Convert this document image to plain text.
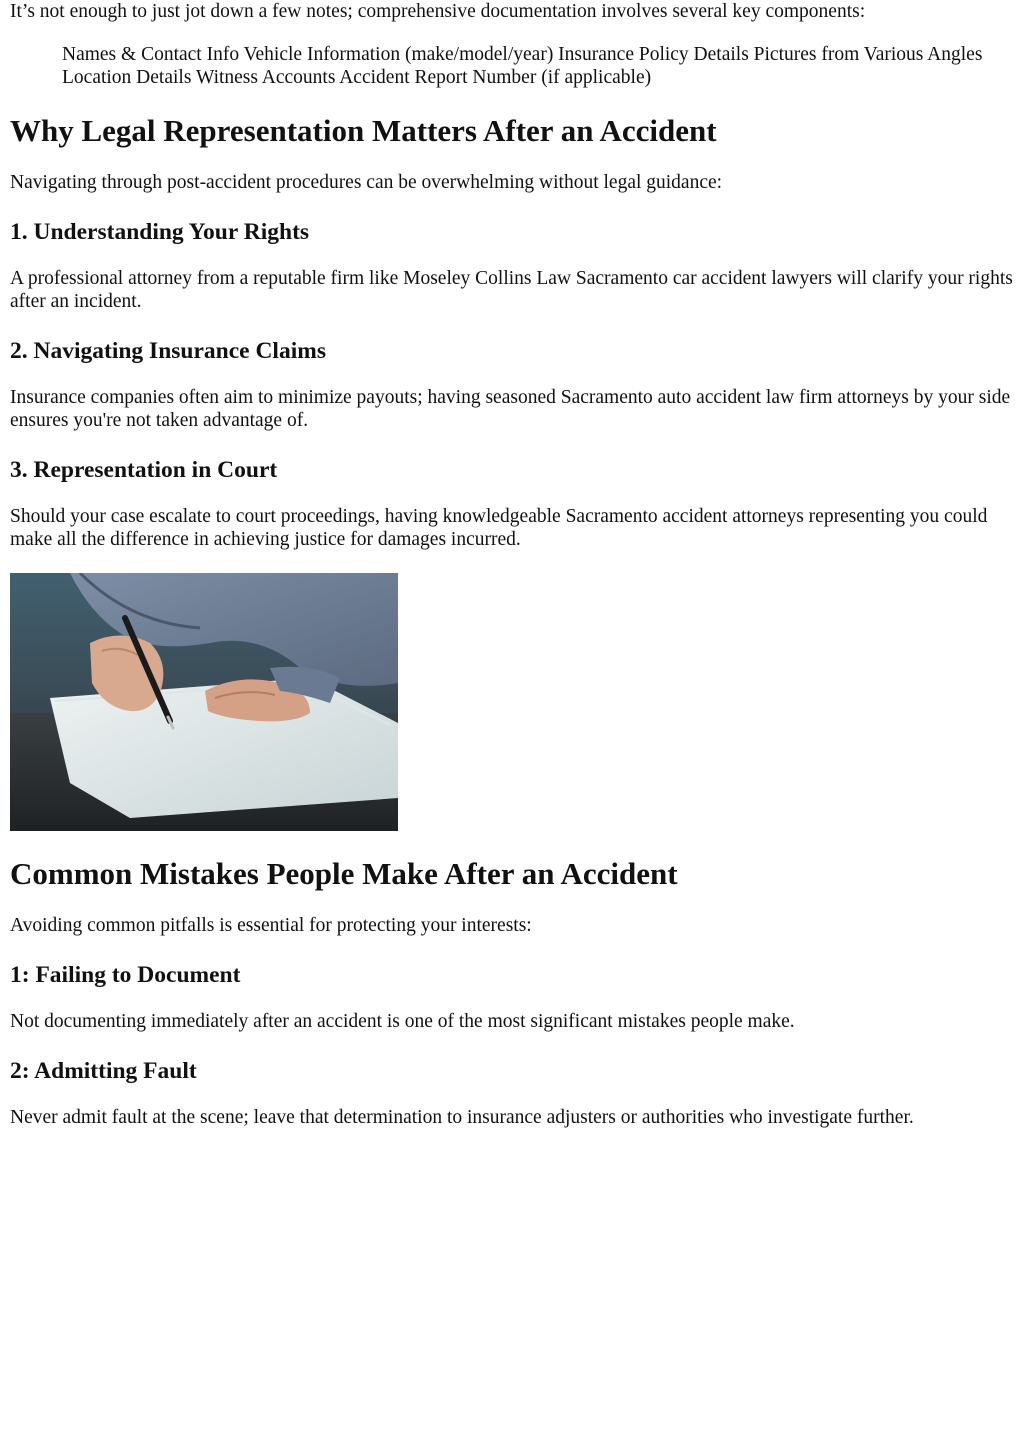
It’s not enough to just jot down a few notes; comprehensive documentation involves several key components:

Names & Contact Info Vehicle Information (make/model/year) Insurance Policy Details Pictures from Various Angles Location Details Witness Accounts Accident Report Number (if applicable)
Why Legal Representation Matters After an Accident

Navigating through post-accident procedures can be overwhelming without legal guidance:

1. Understanding Your Rights

A professional attorney from a reputable firm like Moseley Collins Law Sacramento car accident lawyers will clarify your rights after an incident.

2. Navigating Insurance Claims

Insurance companies often aim to minimize payouts; having seasoned Sacramento auto accident law firm attorneys by your side ensures you're not taken advantage of.

3. Representation in Court

Should your case escalate to court proceedings, having knowledgeable Sacramento accident attorneys representing you could make all the difference in achieving justice for damages incurred.

Common Mistakes People Make After an Accident

Avoiding common pitfalls is essential for protecting your interests:

1: Failing to Document

Not documenting immediately after an accident is one of the most significant mistakes people make.

2: Admitting Fault

Never admit fault at the scene; leave that determination to insurance adjusters or authorities who investigate further.
